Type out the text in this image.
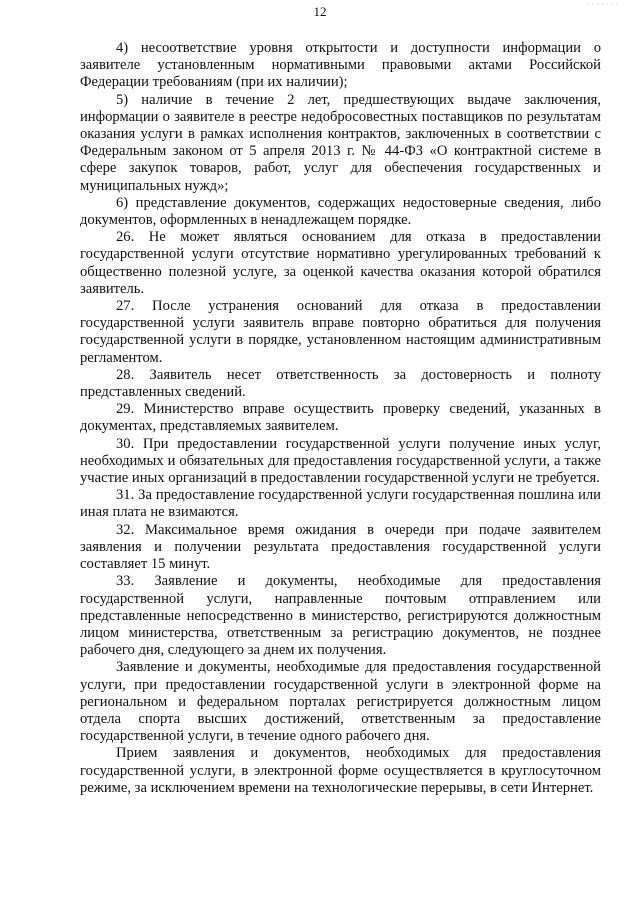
· · ··· · · ·
12

4) несоответствие уровня открытости и доступности информации о заявителе установленным нормативными правовыми актами Российской Федерации требованиям (при их наличии);

5) наличие в течение 2 лет, предшествующих выдаче заключения, информации о заявителе в реестре недобросовестных поставщиков по результатам оказания услуги в рамках исполнения контрактов, заключенных в соответствии с Федеральным законом от 5 апреля 2013 г. № 44-ФЗ «О контрактной системе в сфере закупок товаров, работ, услуг для обеспечения государственных и муниципальных нужд»;

6) представление документов, содержащих недостоверные сведения, либо документов, оформленных в ненадлежащем порядке.

26. Не может являться основанием для отказа в предоставлении государственной услуги отсутствие нормативно урегулированных требований к общественно полезной услуге, за оценкой качества оказания которой обратился заявитель.

27. После устранения оснований для отказа в предоставлении государственной услуги заявитель вправе повторно обратиться для получения государственной услуги в порядке, установленном настоящим административным регламентом.

28. Заявитель несет ответственность за достоверность и полноту представленных сведений.

29. Министерство вправе осуществить проверку сведений, указанных в документах, представляемых заявителем.

30. При предоставлении государственной услуги получение иных услуг, необходимых и обязательных для предоставления государственной услуги, а также участие иных организаций в предоставлении государственной услуги не требуется.

31. За предоставление государственной услуги государственная пошлина или иная плата не взимаются.

32. Максимальное время ожидания в очереди при подаче заявителем заявления и получении результата предоставления государственной услуги составляет 15 минут.

33. Заявление и документы, необходимые для предоставления государственной услуги, направленные почтовым отправлением или представленные непосредственно в министерство, регистрируются должностным лицом министерства, ответственным за регистрацию документов, не позднее рабочего дня, следующего за днем их получения.

Заявление и документы, необходимые для предоставления государственной услуги, при предоставлении государственной услуги в электронной форме на региональном и федеральном порталах регистрируется должностным лицом отдела спорта высших достижений, ответственным за предоставление государственной услуги, в течение одного рабочего дня.

Прием заявления и документов, необходимых для предоставления государственной услуги, в электронной форме осуществляется в круглосуточном режиме, за исключением времени на технологические перерывы, в сети Интернет.
